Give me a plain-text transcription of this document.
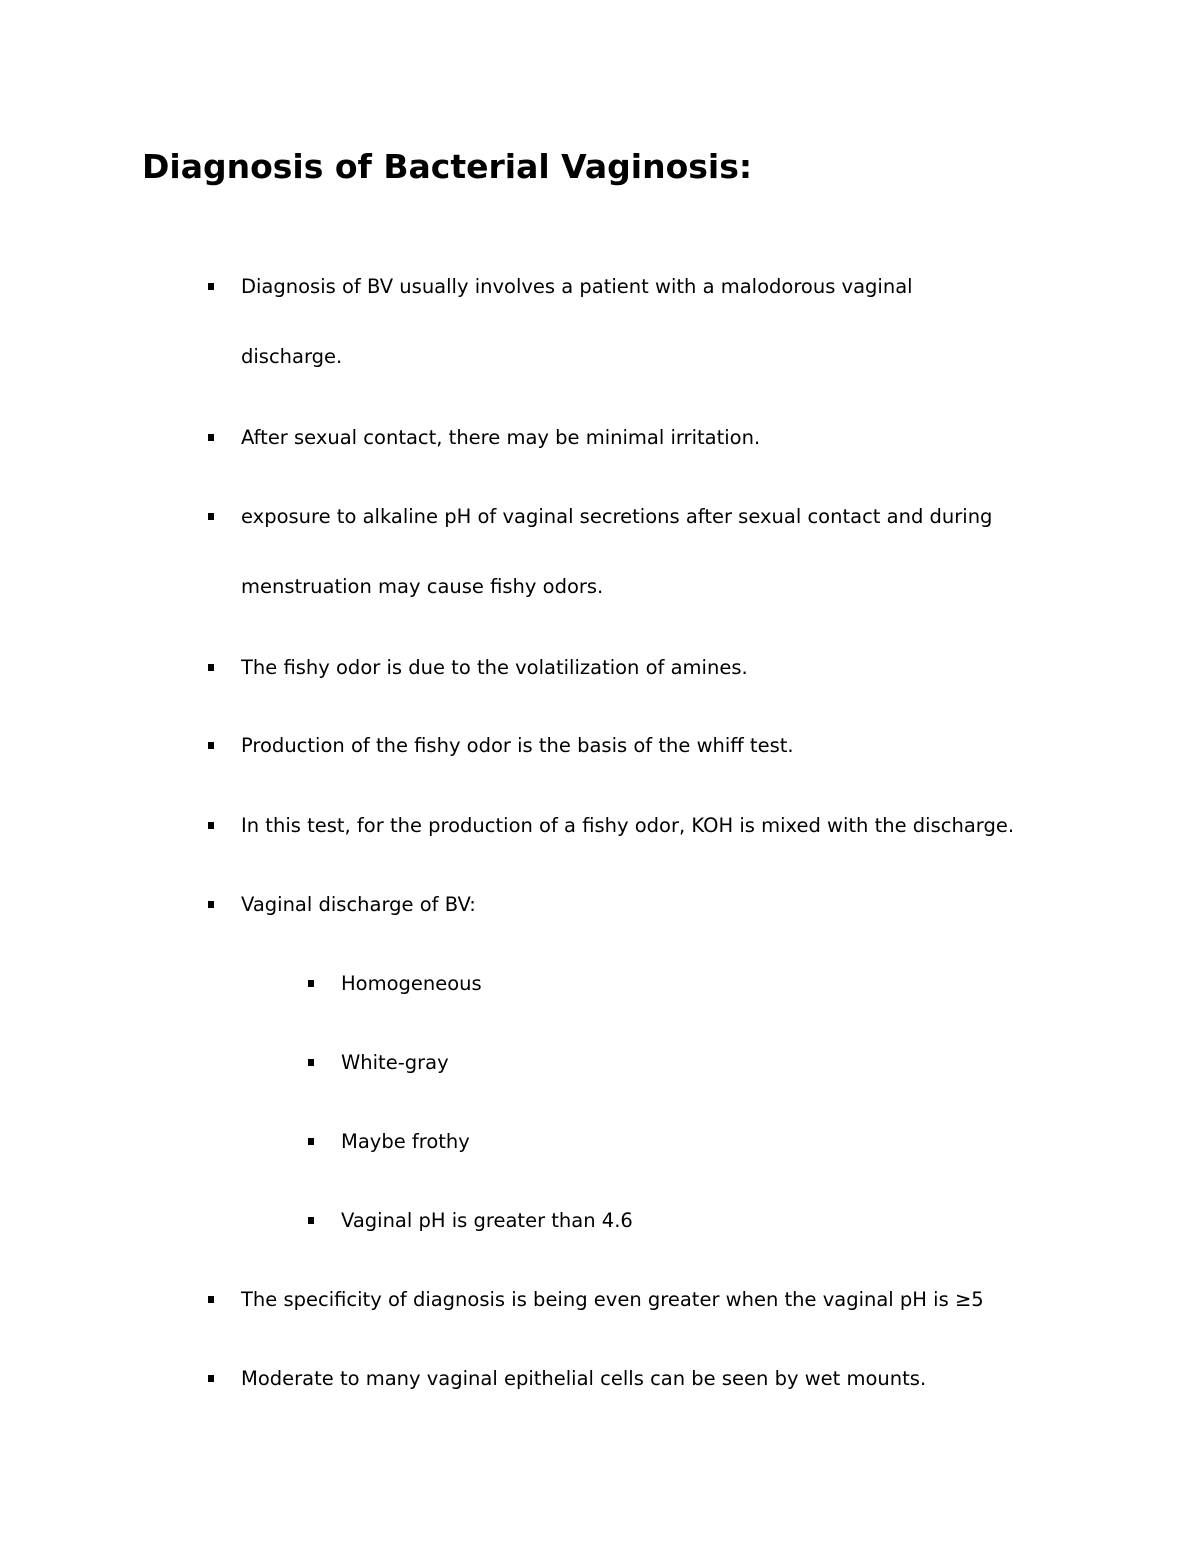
Diagnosis of Bacterial Vaginosis:
Diagnosis of BV usually involves a patient with a malodorous vaginal
discharge.
After sexual contact, there may be minimal irritation.
exposure to alkaline pH of vaginal secretions after sexual contact and during
menstruation may cause fishy odors.
The fishy odor is due to the volatilization of amines.
Production of the fishy odor is the basis of the whiff test.
In this test, for the production of a fishy odor, KOH is mixed with the discharge.
Vaginal discharge of BV:
Homogeneous
White-gray
Maybe frothy
Vaginal pH is greater than 4.6
The specificity of diagnosis is being even greater when the vaginal pH is ≥5
Moderate to many vaginal epithelial cells can be seen by wet mounts.
